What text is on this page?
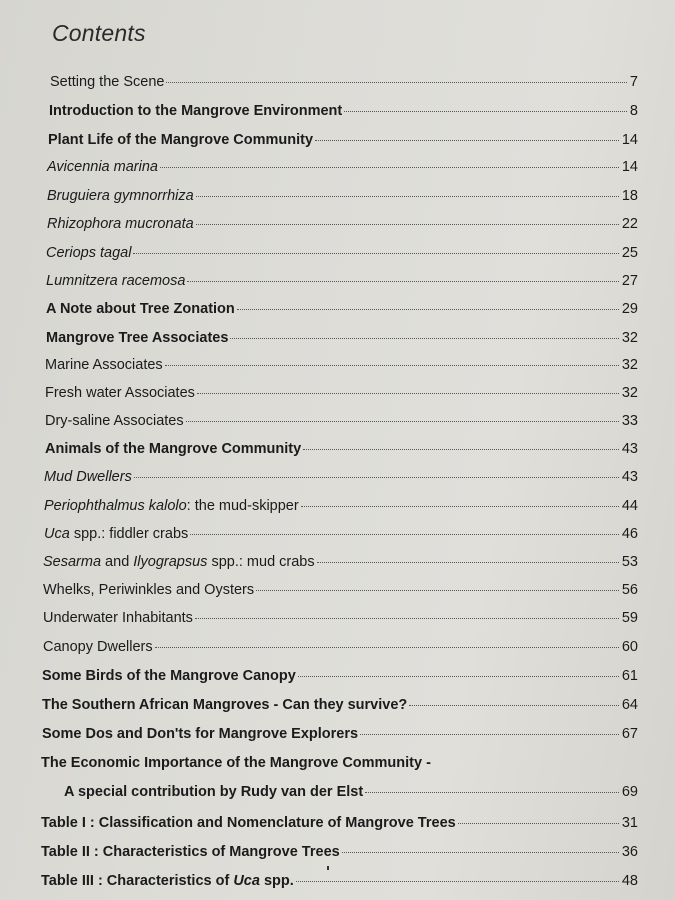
Contents
Setting the Scene	7
Introduction to the Mangrove Environment	8
Plant Life of the Mangrove Community	14
Avicennia marina	14
Bruguiera gymnorrhiza	18
Rhizophora mucronata	22
Ceriops tagal	25
Lumnitzera racemosa	27
A Note about Tree Zonation	29
Mangrove Tree Associates	32
Marine Associates	32
Fresh water Associates	32
Dry-saline Associates	33
Animals of the Mangrove Community	43
Mud Dwellers	43
Periophthalmus kalolo: the mud-skipper	44
Uca spp.: fiddler crabs	46
Sesarma and Ilyograpsus spp.: mud crabs	53
Whelks, Periwinkles and Oysters	56
Underwater Inhabitants	59
Canopy Dwellers	60
Some Birds of the Mangrove Canopy	61
The Southern African Mangroves - Can they survive?	64
Some Dos and Don'ts for Mangrove Explorers	67
The Economic Importance of the Mangrove Community -
A special contribution by Rudy van der Elst	69
Table I : Classification and Nomenclature of Mangrove Trees	31
Table II : Characteristics of Mangrove Trees	36
Table III : Characteristics of Uca spp.	48
